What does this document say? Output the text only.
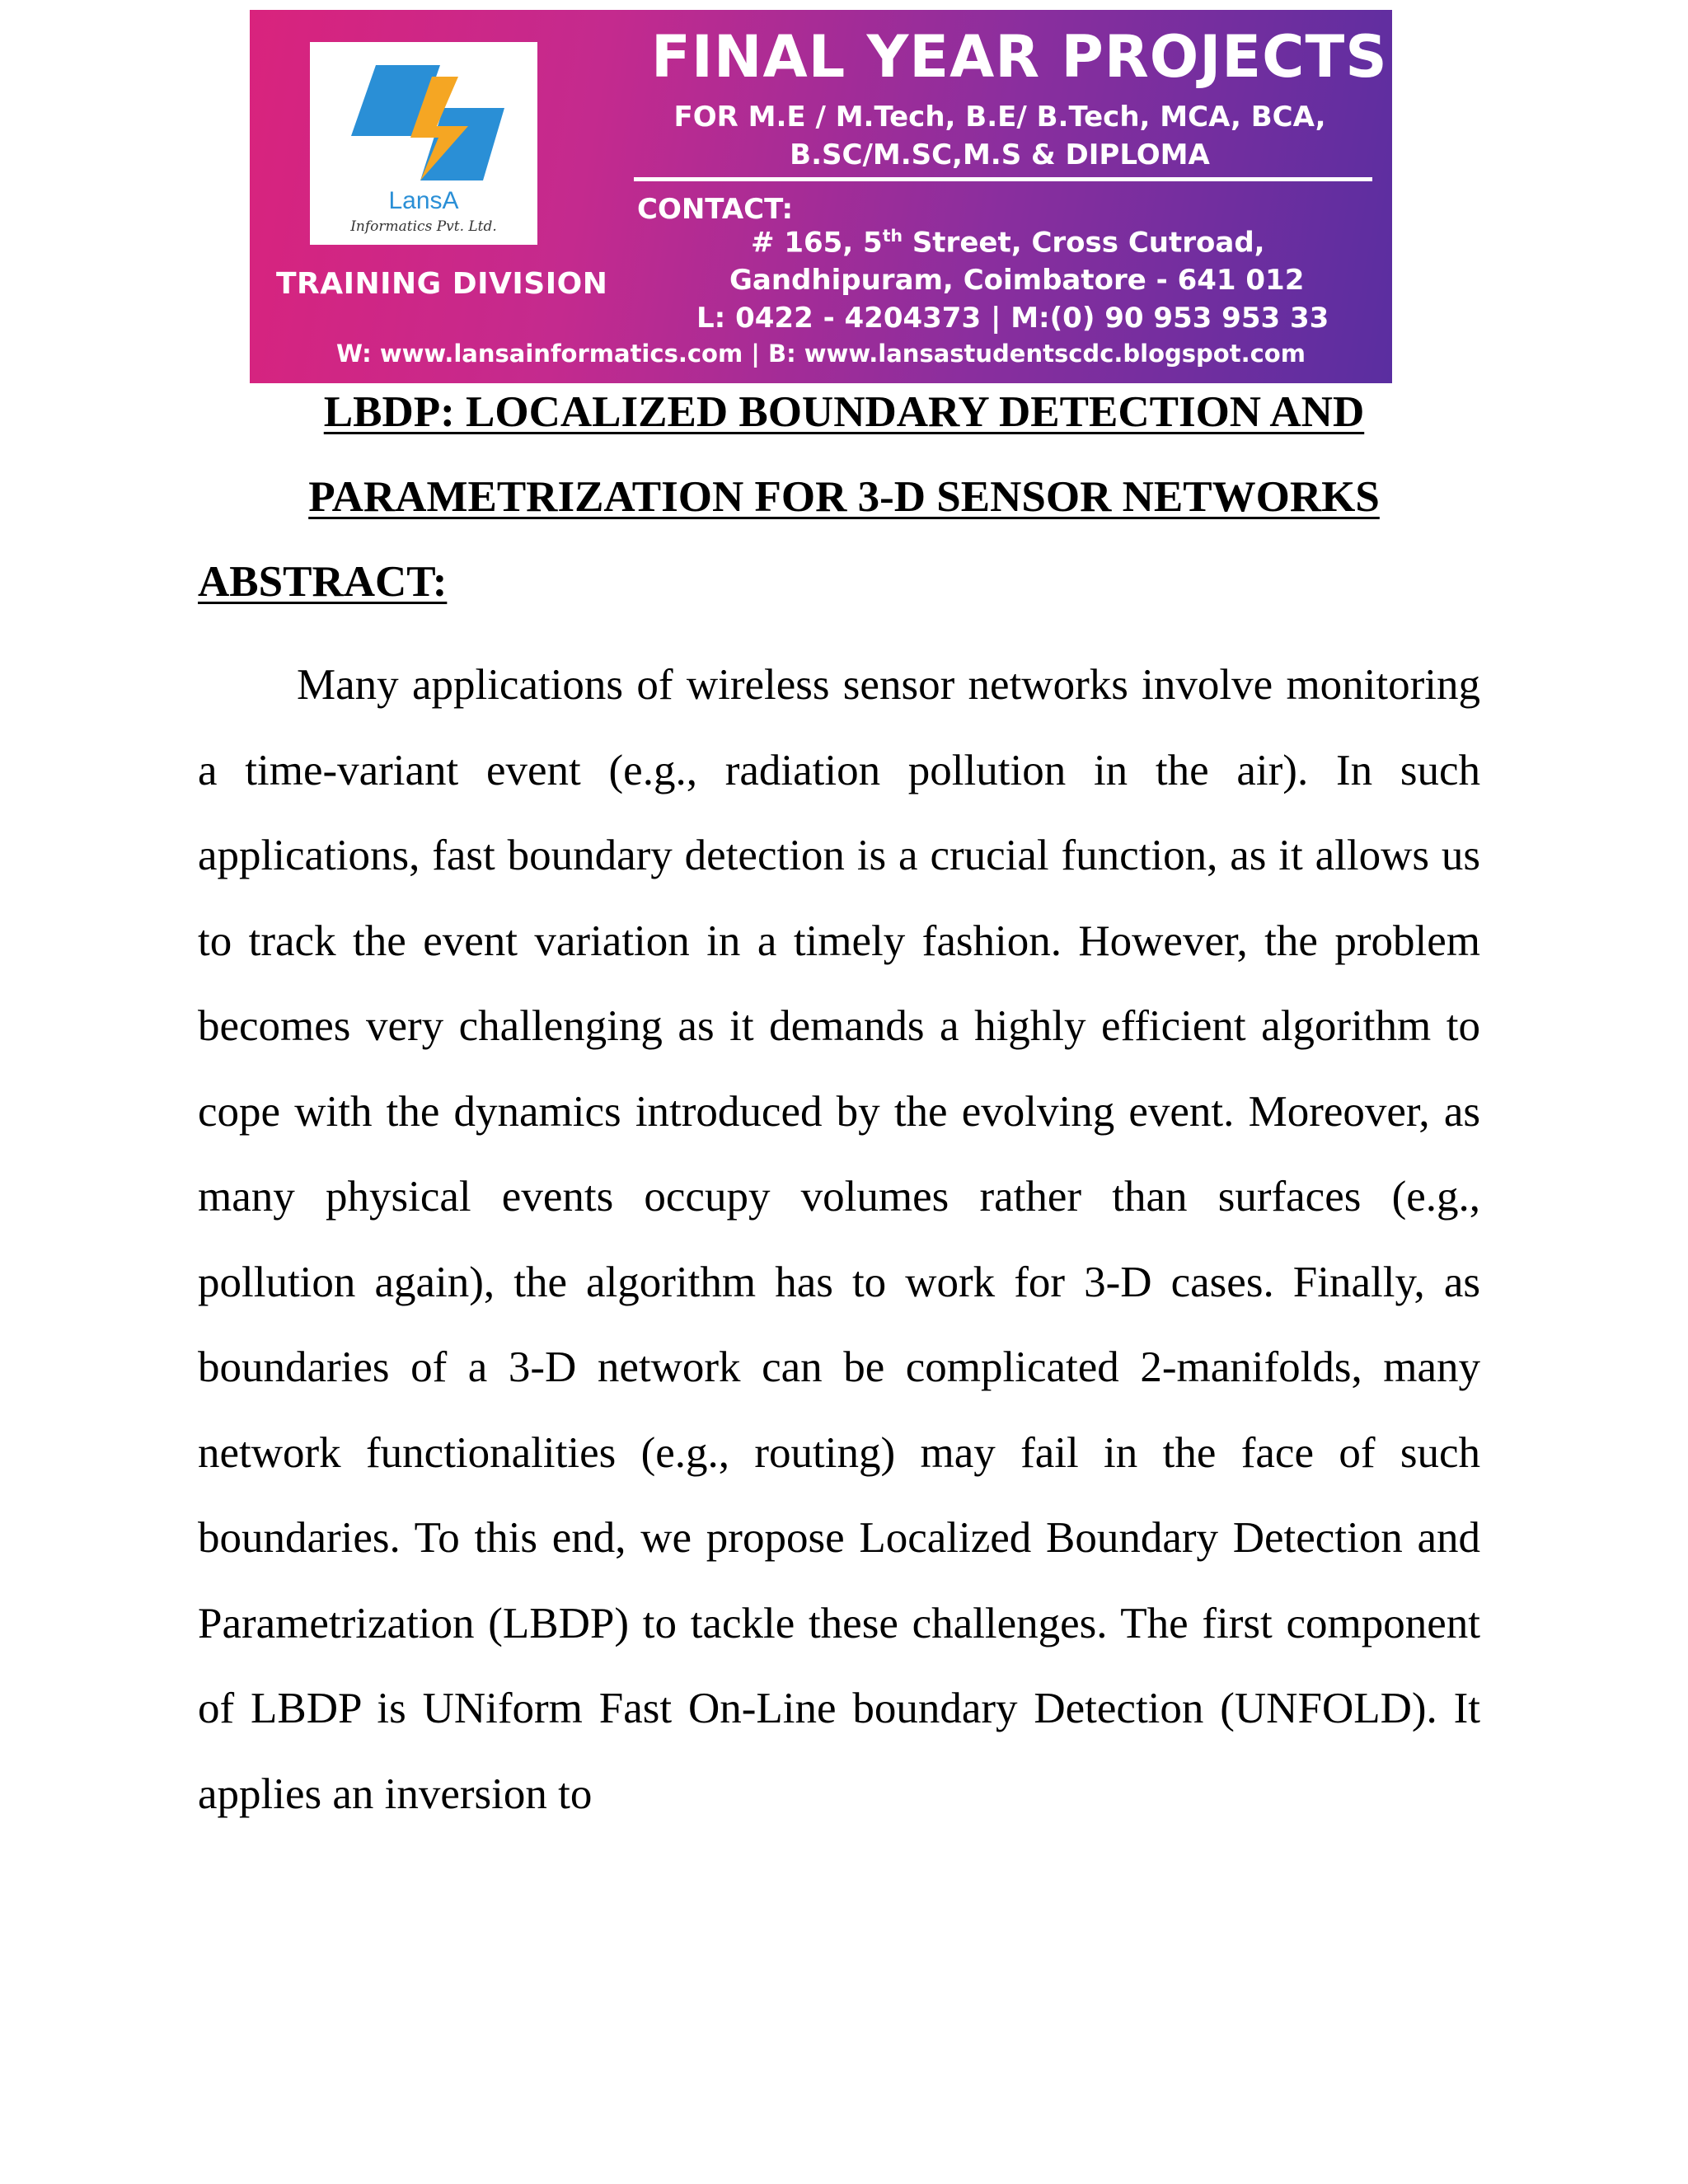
LansA
Informatics Pvt. Ltd.
TRAINING DIVISION
FINAL YEAR PROJECTS
FOR M.E / M.Tech, B.E/ B.Tech, MCA, BCA,
B.SC/M.SC,M.S & DIPLOMA
CONTACT:
# 165, 5th Street, Cross Cutroad,
Gandhipuram, Coimbatore - 641 012
L: 0422 - 4204373 | M:(0) 90 953 953 33
W: www.lansainformatics.com | B: www.lansastudentscdc.blogspot.com
LBDP: LOCALIZED BOUNDARY DETECTION AND
PARAMETRIZATION FOR 3-D SENSOR NETWORKS
ABSTRACT:

Many applications of wireless sensor networks involve monitoring a time-variant event (e.g., radiation pollution in the air). In such applications, fast boundary detection is a crucial function, as it allows us to track the event variation in a timely fashion. However, the problem becomes very challenging as it demands a highly efficient algorithm to cope with the dynamics introduced by the evolving event. Moreover, as many physical events occupy volumes rather than surfaces (e.g., pollution again), the algorithm has to work for 3-D cases. Finally, as boundaries of a 3-D network can be complicated 2-manifolds, many network functionalities (e.g., routing) may fail in the face of such boundaries. To this end, we propose Localized Boundary Detection and Parametrization (LBDP) to tackle these challenges. The first component of LBDP is UNiform Fast On-Line boundary Detection (UNFOLD). It applies an inversion to
